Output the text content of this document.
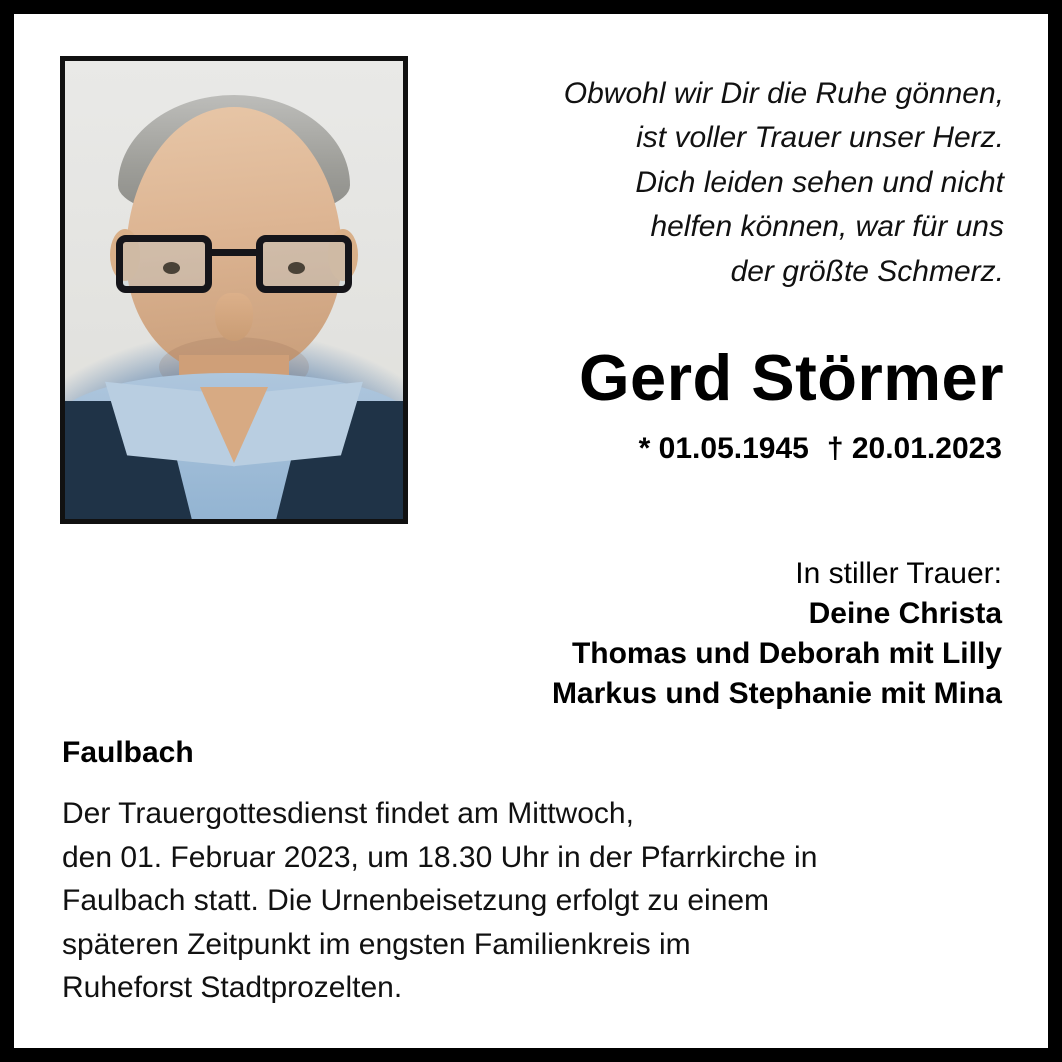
Obwohl wir Dir die Ruhe gönnen,
ist voller Trauer unser Herz.
Dich leiden sehen und nicht
helfen können, war für uns
der größte Schmerz.
Gerd Störmer
* 01.05.1945 † 20.01.2023
In stiller Trauer:
Deine Christa
Thomas und Deborah mit Lilly
Markus und Stephanie mit Mina
Faulbach
Der Trauergottesdienst findet am Mittwoch,
den 01. Februar 2023, um 18.30 Uhr in der Pfarrkirche in
Faulbach statt. Die Urnenbeisetzung erfolgt zu einem
späteren Zeitpunkt im engsten Familienkreis im
Ruheforst Stadtprozelten.
